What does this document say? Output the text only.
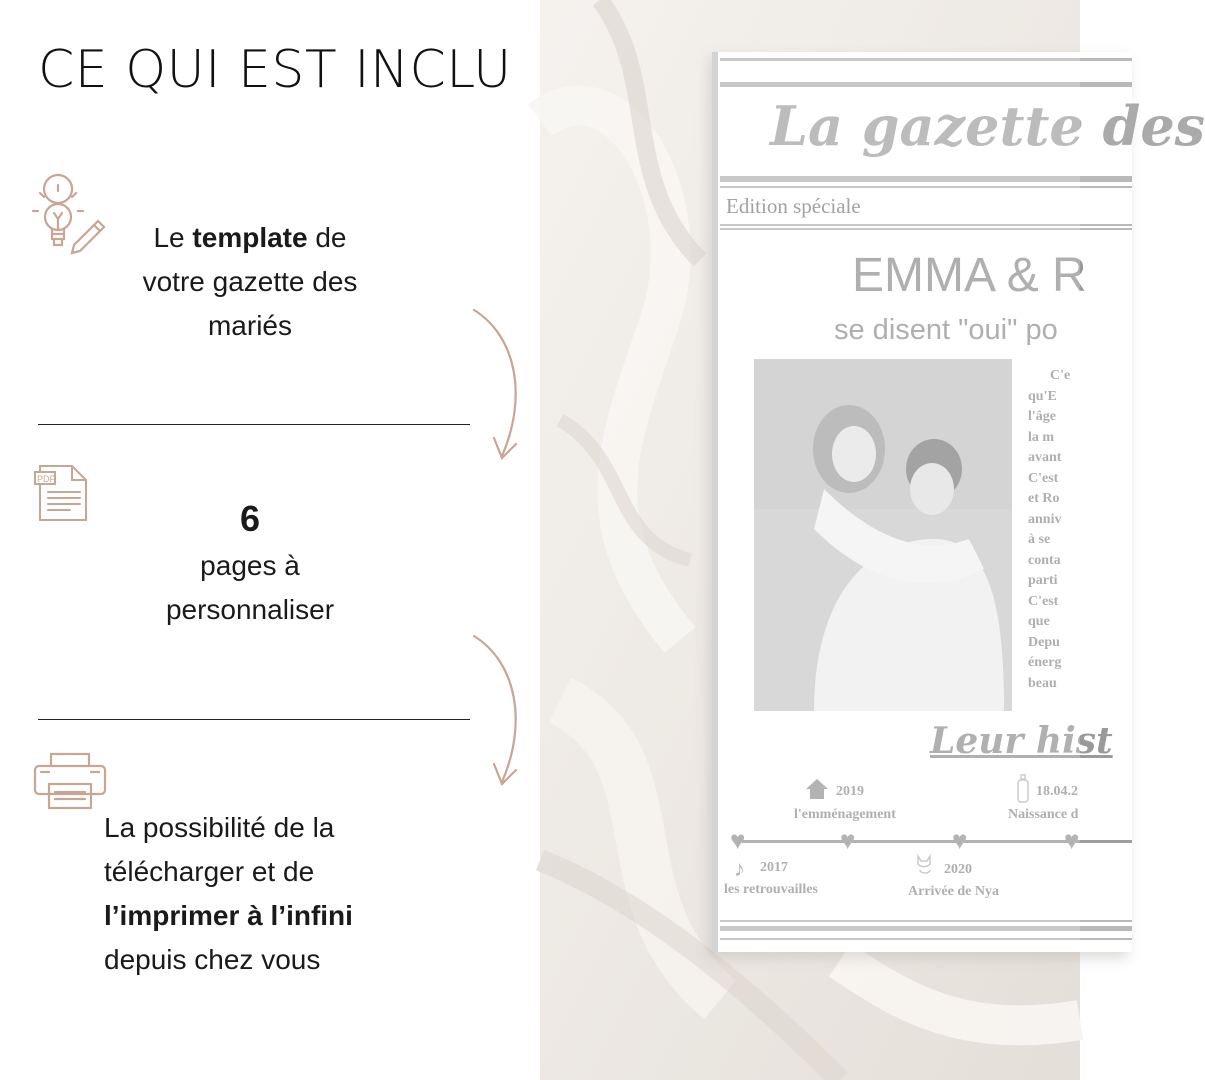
CE QUI EST INCLU
Le template de
votre gazette des
mariés
PDF
6
pages à
personnaliser
La possibilité de la
télécharger et de
l’imprimer à l’infini
depuis chez vous
La gazette des
Edition spéciale
EMMA & R
se disent "oui" po
C'e
qu'E
l'âge
la m
avant
C'est
et Ro
anniv
à se
conta
parti
C'est
que
Depu
énerg
beau
Leur hist
2019
l'emménagement
18.04.2
Naissance d
♥	♥	♥	♥
♪ 2017
les retrouvailles
2020
Arrivée de Nya
